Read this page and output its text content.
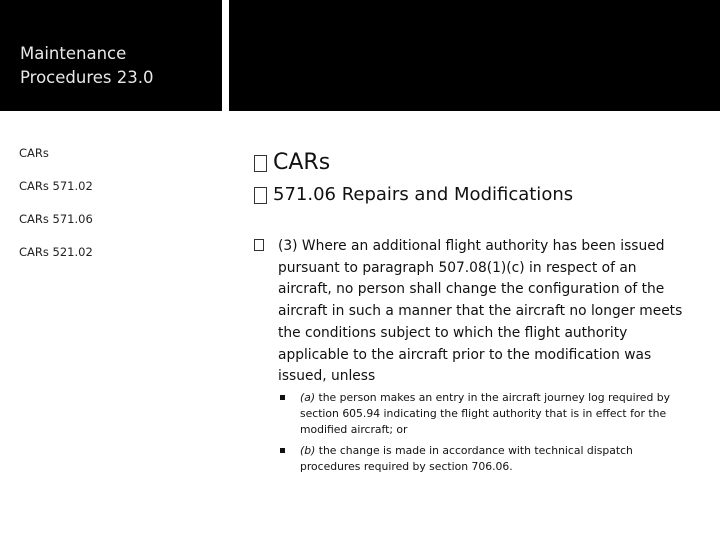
Maintenance Procedures 23.0
CARs
CARs 571.02
CARs 571.06
CARs 521.02
CARs
571.06 Repairs and Modifications
(3) Where an additional flight authority has been issued pursuant to paragraph 507.08(1)(c) in respect of an aircraft, no person shall change the configuration of the aircraft in such a manner that the aircraft no longer meets the conditions subject to which the flight authority applicable to the aircraft prior to the modification was issued, unless
(a) the person makes an entry in the aircraft journey log required by section 605.94 indicating the flight authority that is in effect for the modified aircraft; or
(b) the change is made in accordance with technical dispatch procedures required by section 706.06.
